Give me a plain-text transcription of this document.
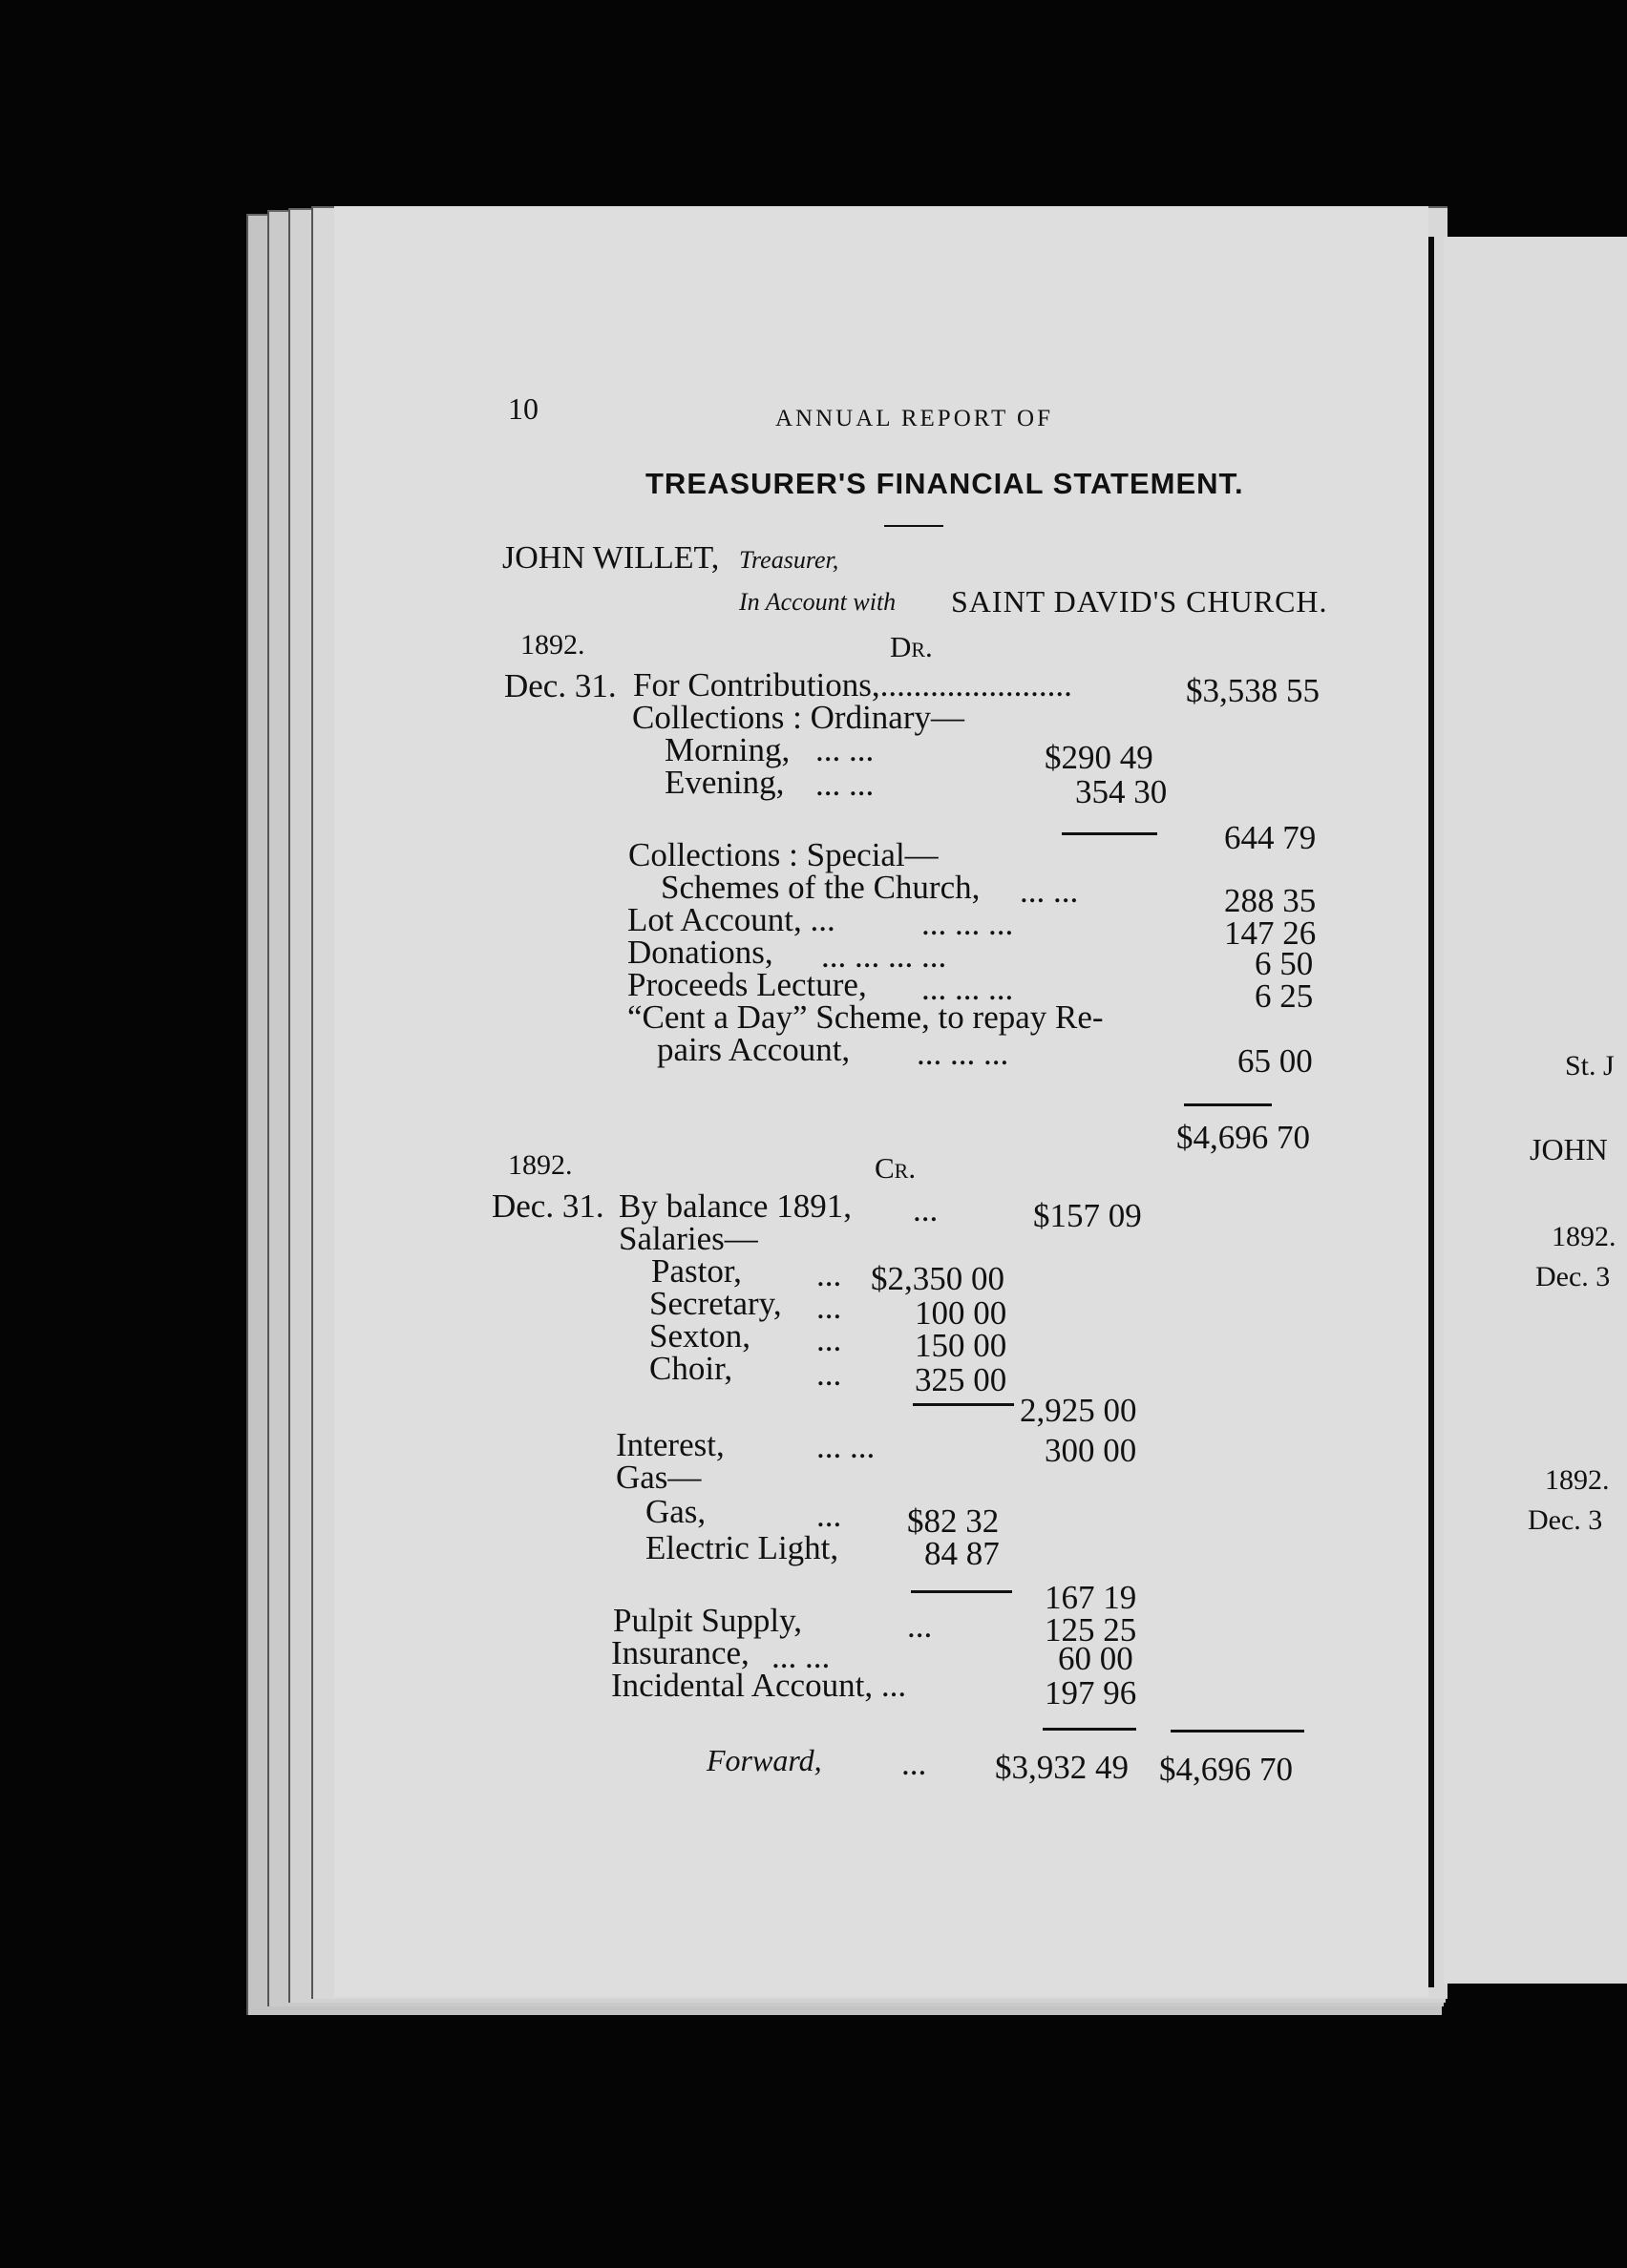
St. J
JOHN
1892.
Dec. 3
1892.
Dec. 3
10	ANNUAL REPORT OF
TREASURER'S FINANCIAL STATEMENT.
JOHN WILLET, Treasurer,
In Account with SAINT DAVID'S CHURCH.
1892.	Dr.
Dec. 31. For Contributions,.......................	$3,538 55
Collections : Ordinary—
Morning, ... ...	$290 49
Evening, ... ...	354 30
644 79
Collections : Special—
Schemes of the Church, ... ...	288 35
Lot Account, ...	... ... ...	147 26
Donations, ... ... ... ...	6 50
Proceeds Lecture, ... ... ...	6 25
“Cent a Day” Scheme, to repay Re-
pairs Account, ... ... ...	65 00
$4,696 70
1892.	Cr.
Dec. 31. By balance 1891, ...	$157 09
Salaries—
Pastor, ... $2,350 00
Secretary, ... 100 00
Sexton, ... 150 00
Choir,	... 325 00
2,925 00
Interest,	... ...	300 00
Gas—
Gas,	... $82 32
Electric Light,	84 87
167 19
Pulpit Supply,	...	125 25
Insurance, ... ...	60 00
Incidental Account, ...	197 96
Forward, ... $3,932 49 $4,696 70
